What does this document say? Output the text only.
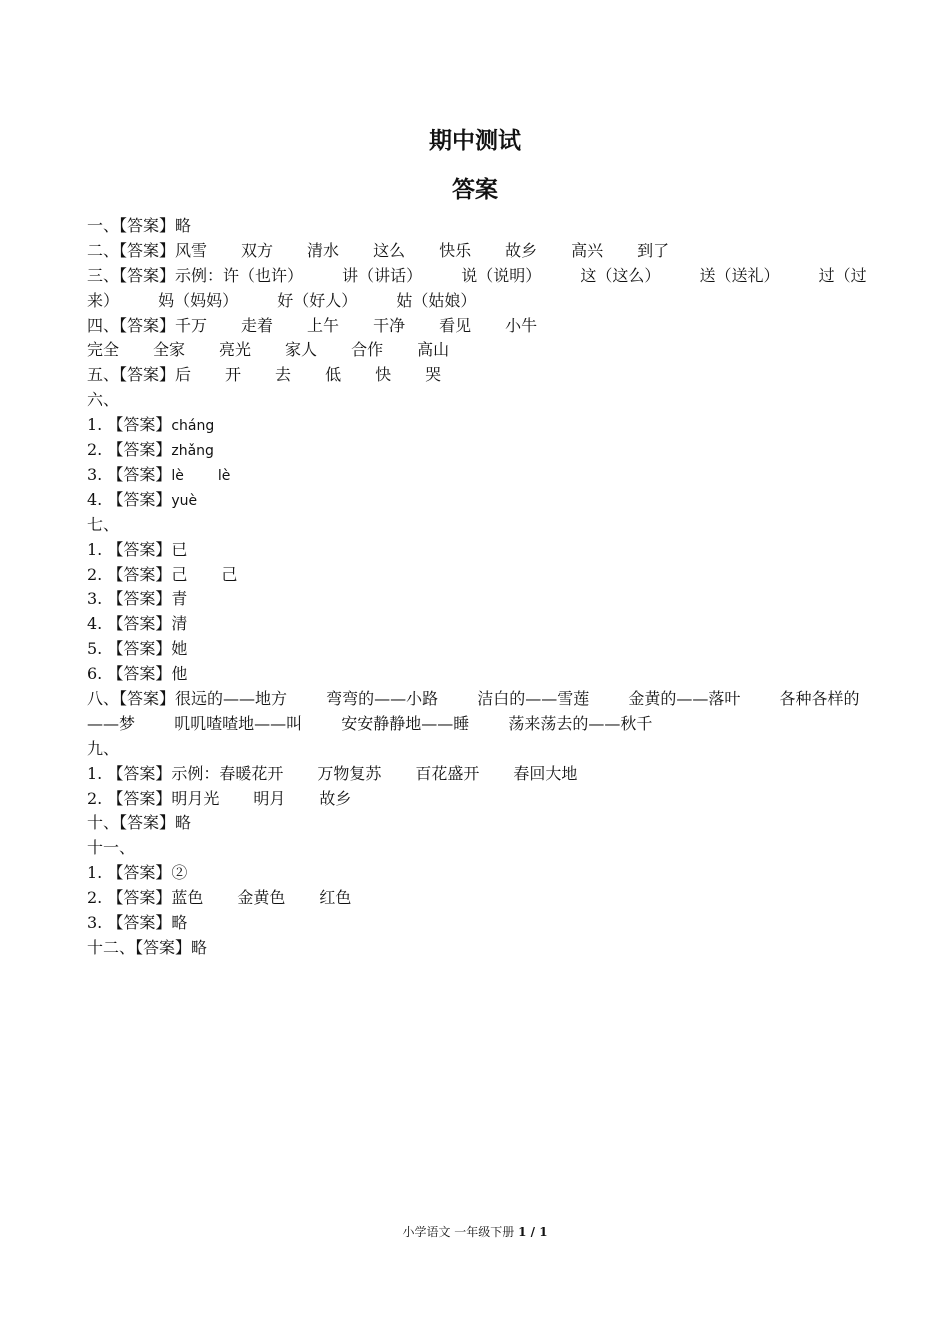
期中测试
答案
一、【答案】略
二、【答案】风雪 双方 清水 这么 快乐 故乡 高兴 到了
三、【答案】示例：许（也许） 讲（讲话） 说（说明） 这（这么） 送（送礼） 过（过来） 妈（妈妈） 好（好人） 姑（姑娘）
四、【答案】千万 走着 上午 干净 看见 小牛
完全 全家 亮光 家人 合作 高山
五、【答案】后 开 去 低 快 哭
六、
1. 【答案】cháng
2. 【答案】zhǎng
3. 【答案】lè lè
4. 【答案】yuè
七、
1. 【答案】已
2. 【答案】己 己
3. 【答案】青
4. 【答案】清
5. 【答案】她
6. 【答案】他
八、【答案】很远的——地方 弯弯的——小路 洁白的——雪莲 金黄的——落叶 各种各样的——梦 叽叽喳喳地——叫 安安静静地——睡 荡来荡去的——秋千
九、
1. 【答案】示例：春暖花开 万物复苏 百花盛开 春回大地
2. 【答案】明月光 明月 故乡
十、【答案】略
十一、
1. 【答案】②
2. 【答案】蓝色 金黄色 红色
3. 【答案】略
十二、【答案】略
小学语文 一年级下册 1 / 1
